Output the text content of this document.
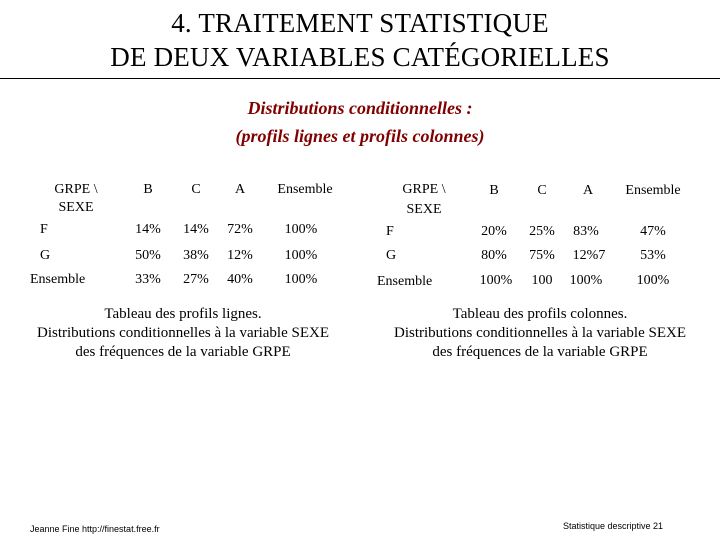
4. TRAITEMENT STATISTIQUE
DE DEUX VARIABLES CATÉGORIELLES
Distributions conditionnelles :
(profils lignes et profils colonnes)
GRPE \
SEXE
B	C	A	Ensemble
F	14%	14%	72%	100%
G	50%	38%	12%	100%
Ensemble	33%	27%	40%	100%
GRPE \
SEXE
B	C	A	Ensemble
F	20%	25%	83%	47%
G	80%	75%	12%7	53%
Ensemble	100%	100	100%	100%
Tableau des profils lignes.
Distributions conditionnelles à la variable SEXE
des fréquences de la variable GRPE
Tableau des profils colonnes.
Distributions conditionnelles à la variable SEXE
des fréquences de la variable GRPE
Jeanne Fine http://finestat.free.fr	Statistique descriptive 21
